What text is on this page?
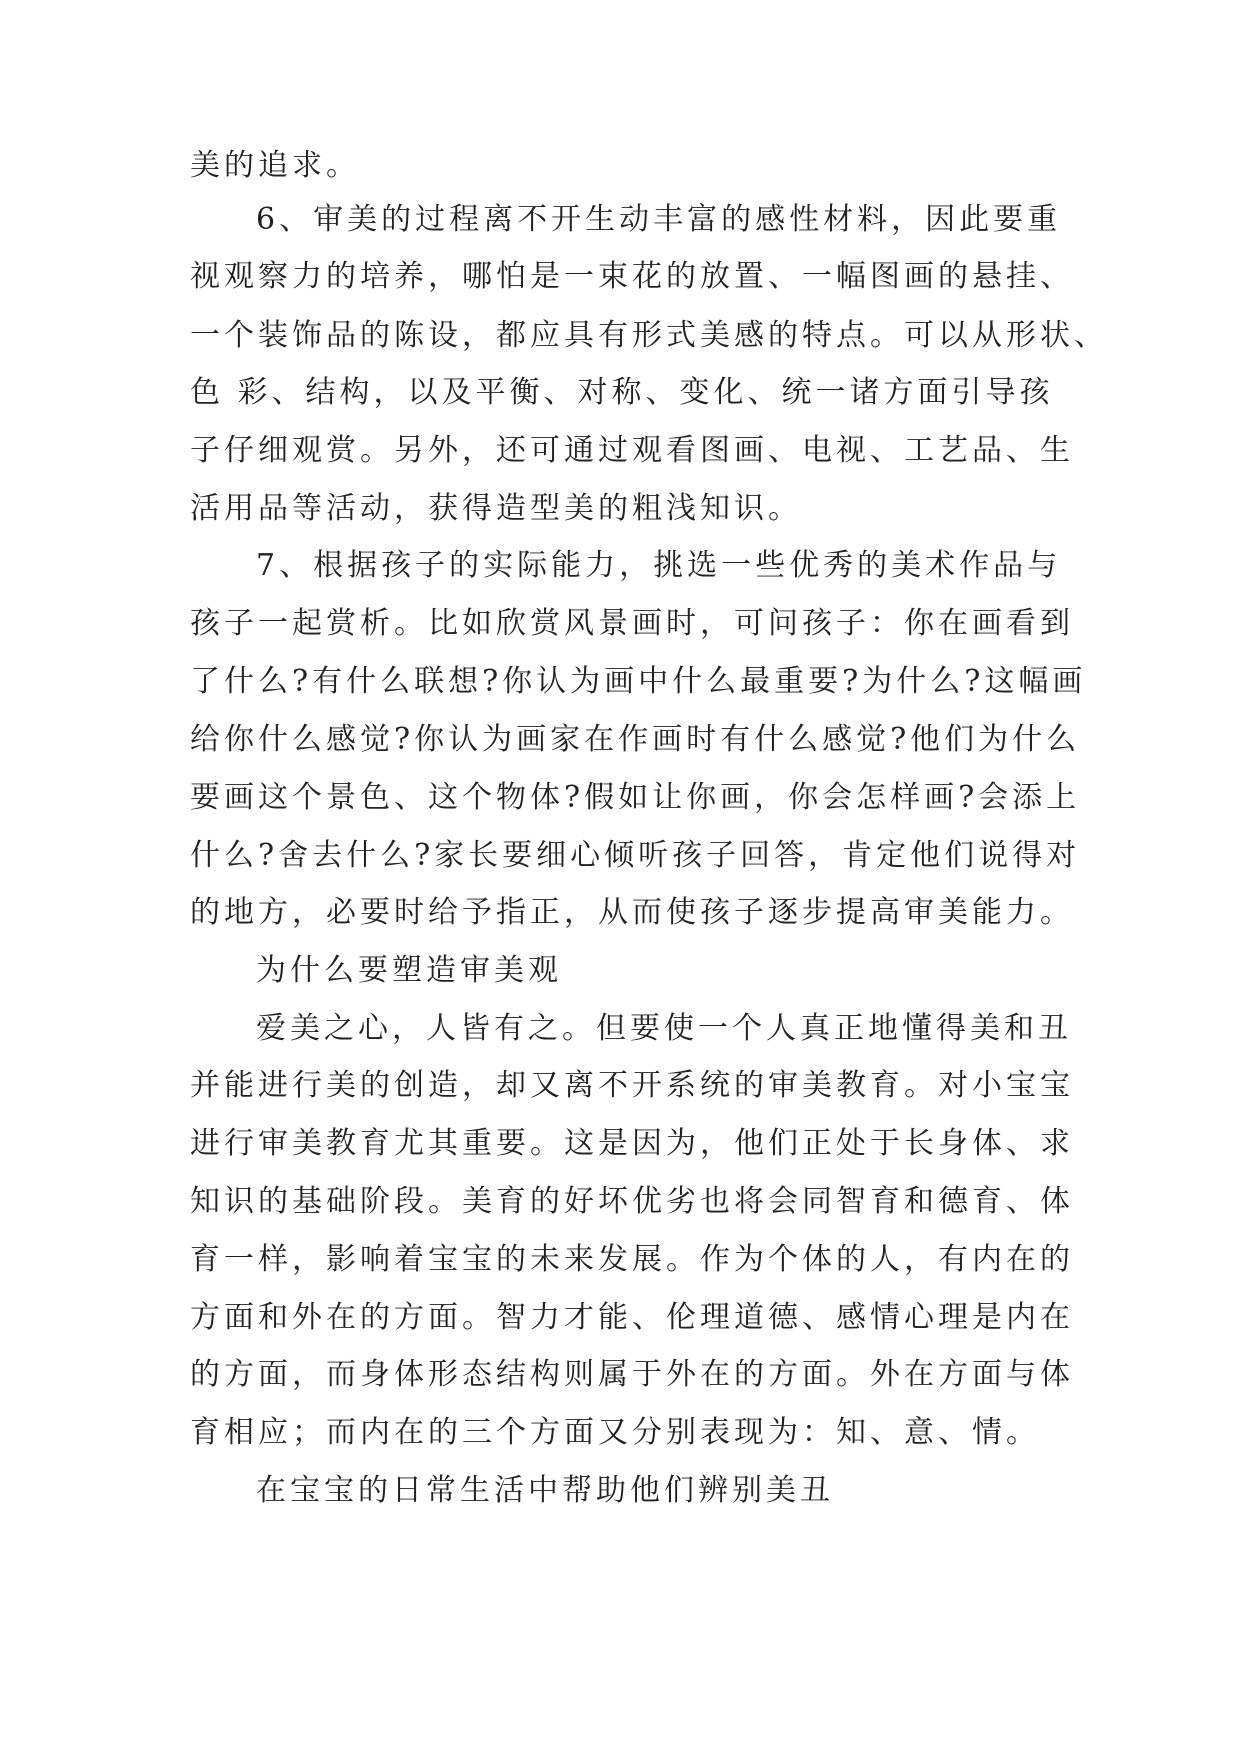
美的追求。

6、审美的过程离不开生动丰富的感性材料，因此要重

视观察力的培养，哪怕是一束花的放置、一幅图画的悬挂、

一个装饰品的陈设，都应具有形式美感的特点。可以从形状、

色 彩、结构，以及平衡、对称、变化、统一诸方面引导孩

子仔细观赏。另外，还可通过观看图画、电视、工艺品、生

活用品等活动，获得造型美的粗浅知识。

7、根据孩子的实际能力，挑选一些优秀的美术作品与

孩子一起赏析。比如欣赏风景画时，可问孩子：你在画看到

了什么?有什么联想?你认为画中什么最重要?为什么?这幅画

给你什么感觉?你认为画家在作画时有什么感觉?他们为什么

要画这个景色、这个物体?假如让你画，你会怎样画?会添上

什么?舍去什么?家长要细心倾听孩子回答，肯定他们说得对

的地方，必要时给予指正，从而使孩子逐步提高审美能力。

为什么要塑造审美观

爱美之心，人皆有之。但要使一个人真正地懂得美和丑

并能进行美的创造，却又离不开系统的审美教育。对小宝宝

进行审美教育尤其重要。这是因为，他们正处于长身体、求

知识的基础阶段。美育的好坏优劣也将会同智育和德育、体

育一样，影响着宝宝的未来发展。作为个体的人，有内在的

方面和外在的方面。智力才能、伦理道德、感情心理是内在

的方面，而身体形态结构则属于外在的方面。外在方面与体

育相应；而内在的三个方面又分别表现为：知、意、情。

在宝宝的日常生活中帮助他们辨别美丑
